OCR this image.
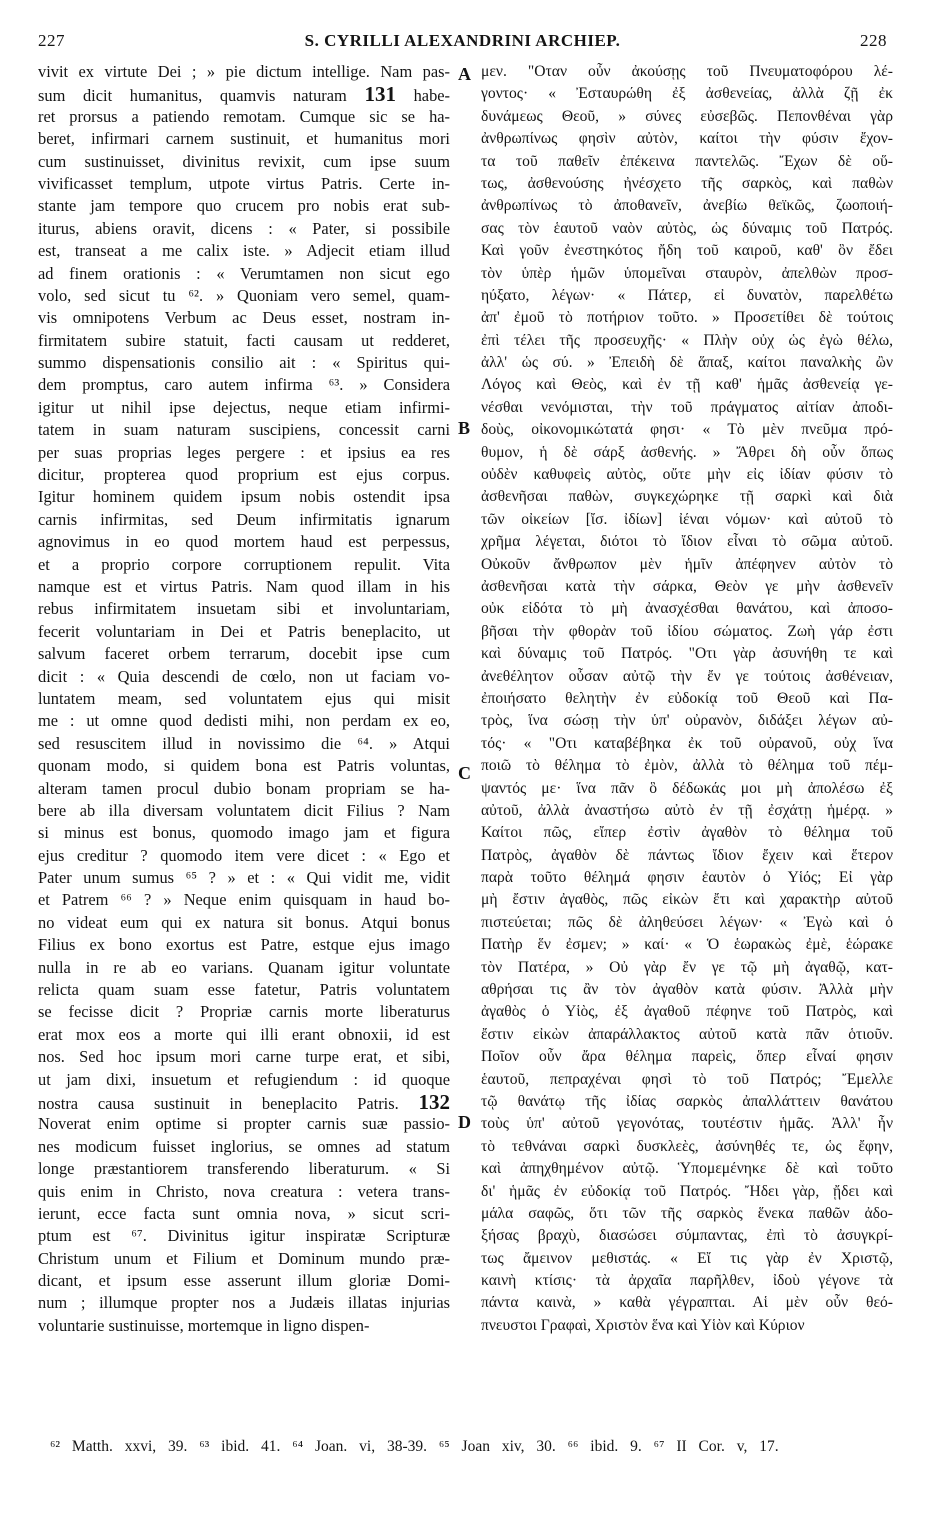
227	S. CYRILLI ALEXANDRINI ARCHIEP.	228
vivit ex virtute Dei ; » pie dictum intellige. Nam pas-
sum dicit humanitus, quamvis naturam 131 habe-
ret prorsus a patiendo remotam. Cumque sic se ha-
beret, infirmari carnem sustinuit, et humanitus mori
cum sustinuisset, divinitus revixit, cum ipse suum
vivificasset templum, utpote virtus Patris. Certe in-
stante jam tempore quo crucem pro nobis erat sub-
iturus, abiens oravit, dicens : « Pater, si possibile
est, transeat a me calix iste. » Adjecit etiam illud
ad finem orationis : « Verumtamen non sicut ego
volo, sed sicut tu ⁶². » Quoniam vero semel, quam-
vis omnipotens Verbum ac Deus esset, nostram in-
firmitatem subire statuit, facti causam ut redderet,
summo dispensationis consilio ait : « Spiritus qui-
dem promptus, caro autem infirma ⁶³. » Considera
igitur ut nihil ipse dejectus, neque etiam infirmi-
tatem in suam naturam suscipiens, concessit carni
per suas proprias leges pergere : et ipsius ea res
dicitur, propterea quod proprium est ejus corpus.
Igitur hominem quidem ipsum nobis ostendit ipsa
carnis infirmitas, sed Deum infirmitatis ignarum
agnovimus in eo quod mortem haud est perpessus,
et a proprio corpore corruptionem repulit. Vita
namque est et virtus Patris. Nam quod illam in his
rebus infirmitatem insuetam sibi et involuntariam,
fecerit voluntariam in Dei et Patris beneplacito, ut
salvum faceret orbem terrarum, docebit ipse cum
dicit : « Quia descendi de cœlo, non ut faciam vo-
luntatem meam, sed voluntatem ejus qui misit
me : ut omne quod dedisti mihi, non perdam ex eo,
sed resuscitem illud in novissimo die ⁶⁴. » Atqui
quonam modo, si quidem bona est Patris voluntas,
alteram tamen procul dubio bonam propriam se ha-
bere ab illa diversam voluntatem dicit Filius ? Nam
si minus est bonus, quomodo imago jam et figura
ejus creditur ? quomodo item vere dicet : « Ego et
Pater unum sumus ⁶⁵ ? » et : « Qui vidit me, vidit
et Patrem ⁶⁶ ? » Neque enim quisquam in haud bo-
no videat eum qui ex natura sit bonus. Atqui bonus
Filius ex bono exortus est Patre, estque ejus imago
nulla in re ab eo varians. Quanam igitur voluntate
relicta quam suam esse fatetur, Patris voluntatem
se fecisse dicit ? Propriæ carnis morte liberaturus
erat mox eos a morte qui illi erant obnoxii, id est
nos. Sed hoc ipsum mori carne turpe erat, et sibi,
ut jam dixi, insuetum et refugiendum : id quoque
nostra causa sustinuit in beneplacito Patris. 132
Noverat enim optime si propter carnis suæ passio-
nes modicum fuisset inglorius, se omnes ad statum
longe præstantiorem transferendo liberaturum. « Si
quis enim in Christo, nova creatura : vetera trans-
ierunt, ecce facta sunt omnia nova, » sicut scri-
ptum est ⁶⁷. Divinitus igitur inspiratæ Scripturæ
Christum unum et Filium et Dominum mundo præ-
dicant, et ipsum esse asserunt illum gloriæ Domi-
num ; illumque propter nos a Judæis illatas injurias
voluntarie sustinuisse, mortemque in ligno dispen-
μεν. "Οταν οὖν ἀκούσῃς τοῦ Πνευματοφόρου λέ-
γοντος· « Ἐσταυρώθη ἐξ ἀσθενείας, ἀλλὰ ζῇ ἐκ
δυνάμεως Θεοῦ, » σύνες εὐσεβῶς. Πεπονθέναι γὰρ
ἀνθρωπίνως φησὶν αὐτὸν, καίτοι τὴν φύσιν ἔχον-
τα τοῦ παθεῖν ἐπέκεινα παντελῶς. Ἔχων δὲ οὕ-
τως, ἀσθενούσης ἠνέσχετο τῆς σαρκὸς, καὶ παθὼν
ἀνθρωπίνως τὸ ἀποθανεῖν, ἀνεβίω θεϊκῶς, ζωοποιή-
σας τὸν ἑαυτοῦ ναὸν αὐτὸς, ὡς δύναμις τοῦ Πατρός.
Καὶ γοῦν ἐνεστηκότος ἤδη τοῦ καιροῦ, καθ' ὃν ἔδει
τὸν ὑπὲρ ἡμῶν ὑπομεῖναι σταυρὸν, ἀπελθὼν προσ-
ηύξατο, λέγων· « Πάτερ, εἰ δυνατὸν, παρελθέτω
ἀπ' ἐμοῦ τὸ ποτήριον τοῦτο. » Προσετίθει δὲ τούτοις
ἐπὶ τέλει τῆς προσευχῆς· « Πλὴν οὐχ ὡς ἐγὼ θέλω,
ἀλλ' ὡς σύ. » Ἐπειδὴ δὲ ἅπαξ, καίτοι παναλκὴς ὢν
Λόγος καὶ Θεὸς, καὶ ἐν τῇ καθ' ἡμᾶς ἀσθενείᾳ γε-
νέσθαι νενόμισται, τὴν τοῦ πράγματος αἰτίαν ἀποδι-
δοὺς, οἰκονομικώτατά φησι· « Τὸ μὲν πνεῦμα πρό-
θυμον, ἡ δὲ σάρξ ἀσθενής. » Ἄθρει δὴ οὖν ὅπως
οὐδὲν καθυφεὶς αὐτὸς, οὔτε μὴν εἰς ἰδίαν φύσιν τὸ
ἀσθενῆσαι παθὼν, συγκεχώρηκε τῇ σαρκὶ καὶ διὰ
τῶν οἰκείων [ἴσ. ἰδίων] ἰέναι νόμων· καὶ αὐτοῦ τὸ
χρῆμα λέγεται, διότοι τὸ ἴδιον εἶναι τὸ σῶμα αὐτοῦ.
Οὐκοῦν ἄνθρωπον μὲν ἡμῖν ἀπέφηνεν αὐτὸν τὸ
ἀσθενῆσαι κατὰ τὴν σάρκα, Θεὸν γε μὴν ἀσθενεῖν
οὐκ εἰδότα τὸ μὴ ἀνασχέσθαι θανάτου, καὶ ἀποσο-
βῆσαι τὴν φθορὰν τοῦ ἰδίου σώματος. Ζωὴ γάρ ἐστι
καὶ δύναμις τοῦ Πατρός. "Οτι γὰρ ἀσυνήθη τε καὶ
ἀνεθέλητον οὖσαν αὐτῷ τὴν ἔν γε τούτοις ἀσθένειαν,
ἐποιήσατο θελητὴν ἐν εὐδοκίᾳ τοῦ Θεοῦ καὶ Πα-
τρὸς, ἵνα σώσῃ τὴν ὑπ' οὐρανὸν, διδάξει λέγων αὐ-
τός· « "Οτι καταβέβηκα ἐκ τοῦ οὐρανοῦ, οὐχ ἵνα
ποιῶ τὸ θέλημα τὸ ἐμὸν, ἀλλὰ τὸ θέλημα τοῦ πέμ-
ψαντός με· ἵνα πᾶν ὃ δέδωκάς μοι μὴ ἀπολέσω ἐξ
αὐτοῦ, ἀλλὰ ἀναστήσω αὐτὸ ἐν τῇ ἐσχάτῃ ἡμέρᾳ. »
Καίτοι πῶς, εἴπερ ἐστὶν ἀγαθὸν τὸ θέλημα τοῦ
Πατρὸς, ἀγαθὸν δὲ πάντως ἴδιον ἔχειν καὶ ἕτερον
παρὰ τοῦτο θέλημά φησιν ἑαυτὸν ὁ Υἱός; Εἰ γὰρ
μὴ ἔστιν ἀγαθὸς, πῶς εἰκὼν ἔτι καὶ χαρακτὴρ αὐτοῦ
πιστεύεται; πῶς δὲ ἀληθεύσει λέγων· « Ἐγὼ καὶ ὁ
Πατὴρ ἕν ἐσμεν; » καί· « Ὁ ἑωρακὼς ἐμὲ, ἑώρακε
τὸν Πατέρα, » Οὐ γὰρ ἔν γε τῷ μὴ ἀγαθῷ, κατ-
αθρήσαι τις ἂν τὸν ἀγαθὸν κατὰ φύσιν. Ἀλλὰ μὴν
ἀγαθὸς ὁ Υἱὸς, ἐξ ἀγαθοῦ πέφηνε τοῦ Πατρὸς, καὶ
ἔστιν εἰκὼν ἀπαράλλακτος αὐτοῦ κατὰ πᾶν ὁτιοῦν.
Ποῖον οὖν ἄρα θέλημα παρεὶς, ὅπερ εἶναί φησιν
ἑαυτοῦ, πεπραχέναι φησὶ τὸ τοῦ Πατρός; Ἔμελλε
τῷ θανάτῳ τῆς ἰδίας σαρκὸς ἀπαλλάττειν θανάτου
τοὺς ὑπ' αὐτοῦ γεγονότας, τουτέστιν ἡμᾶς. Ἀλλ' ἦν
τὸ τεθνάναι σαρκὶ δυσκλεὲς, ἀσύνηθές τε, ὡς ἔφην,
καὶ ἀπηχθημένον αὐτῷ. Ὑπομεμένηκε δὲ καὶ τοῦτο
δι' ἡμᾶς ἐν εὐδοκίᾳ τοῦ Πατρός. Ἤδει γὰρ, ᾔδει καὶ
μάλα σαφῶς, ὅτι τῶν τῆς σαρκὸς ἕνεκα παθῶν ἀδο-
ξήσας βραχὺ, διασώσει σύμπαντας, ἐπὶ τὸ ἀσυγκρί-
τως ἄμεινον μεθιστάς. « Εἴ τις γὰρ ἐν Χριστῷ,
καινὴ κτίσις· τὰ ἀρχαῖα παρῆλθεν, ἰδοὺ γέγονε τὰ
πάντα καινὰ, » καθὰ γέγραπται. Αἱ μὲν οὖν θεό-
πνευστοι Γραφαὶ, Χριστὸν ἕνα καὶ Υἱὸν καὶ Κύριον
A
B
C
D
⁶² Matth. xxvi, 39. ⁶³ ibid. 41. ⁶⁴ Joan. vi, 38-39. ⁶⁵ Joan xiv, 30. ⁶⁶ ibid. 9. ⁶⁷ II Cor. v, 17.
